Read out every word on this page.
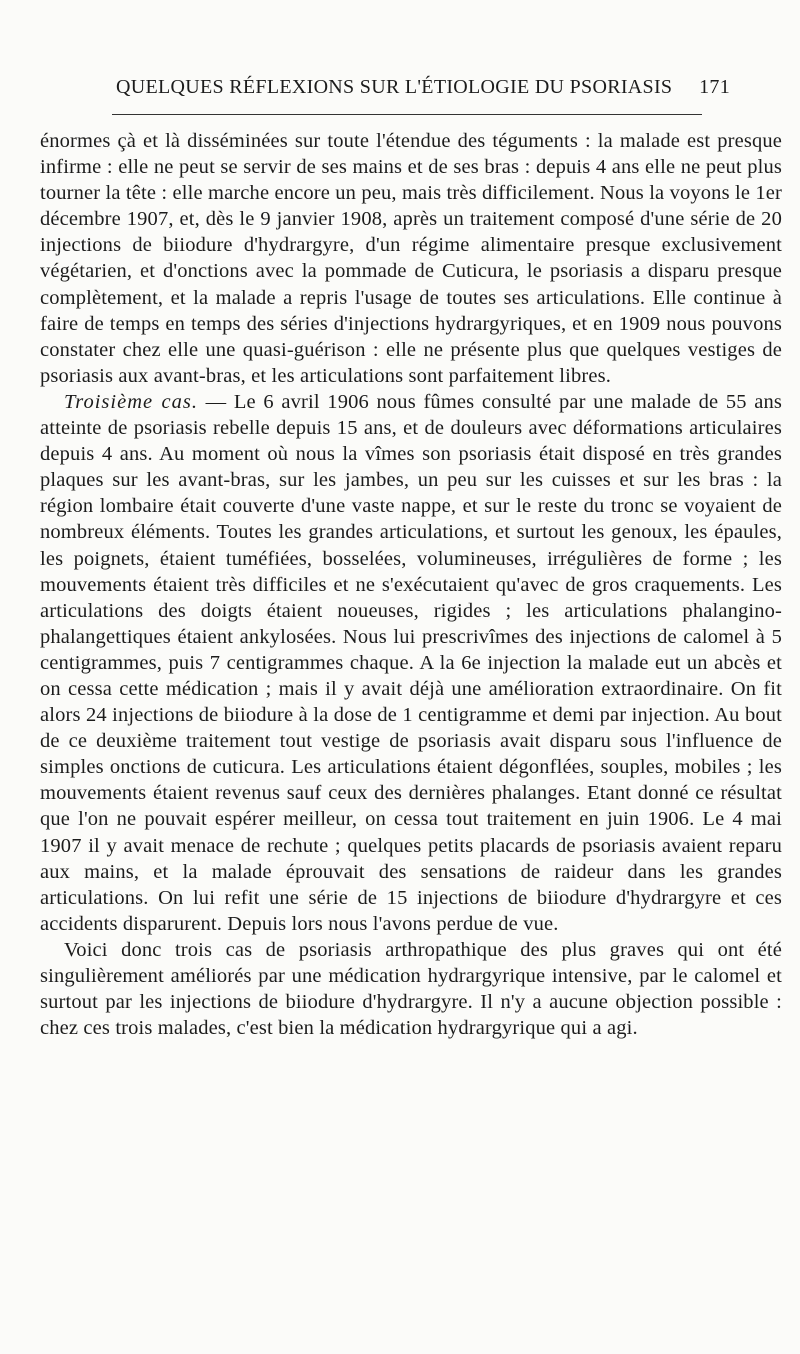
QUELQUES RÉFLEXIONS SUR L'ÉTIOLOGIE DU PSORIASIS 171

énormes çà et là disséminées sur toute l'étendue des téguments : la malade est presque infirme : elle ne peut se servir de ses mains et de ses bras : depuis 4 ans elle ne peut plus tourner la tête : elle marche encore un peu, mais très difficilement. Nous la voyons le 1er décembre 1907, et, dès le 9 janvier 1908, après un traitement composé d'une série de 20 injections de biiodure d'hydrargyre, d'un régime alimentaire presque exclusivement végétarien, et d'onctions avec la pommade de Cuticura, le psoriasis a disparu presque complètement, et la malade a repris l'usage de toutes ses articulations. Elle continue à faire de temps en temps des séries d'injections hydrargyriques, et en 1909 nous pouvons constater chez elle une quasi-guérison : elle ne présente plus que quelques vestiges de psoriasis aux avant-bras, et les articulations sont parfaitement libres.

Troisième cas. — Le 6 avril 1906 nous fûmes consulté par une malade de 55 ans atteinte de psoriasis rebelle depuis 15 ans, et de douleurs avec déformations articulaires depuis 4 ans. Au moment où nous la vîmes son psoriasis était disposé en très grandes plaques sur les avant-bras, sur les jambes, un peu sur les cuisses et sur les bras : la région lombaire était couverte d'une vaste nappe, et sur le reste du tronc se voyaient de nombreux éléments. Toutes les grandes articulations, et surtout les genoux, les épaules, les poignets, étaient tuméfiées, bosselées, volumineuses, irrégulières de forme ; les mouvements étaient très difficiles et ne s'exécutaient qu'avec de gros craquements. Les articulations des doigts étaient noueuses, rigides ; les articulations phalangino-phalangettiques étaient ankylosées. Nous lui prescrivîmes des injections de calomel à 5 centigrammes, puis 7 centigrammes chaque. A la 6e injection la malade eut un abcès et on cessa cette médication ; mais il y avait déjà une amélioration extraordinaire. On fit alors 24 injections de biiodure à la dose de 1 centigramme et demi par injection. Au bout de ce deuxième traitement tout vestige de psoriasis avait disparu sous l'influence de simples onctions de cuticura. Les articulations étaient dégonflées, souples, mobiles ; les mouvements étaient revenus sauf ceux des dernières phalanges. Etant donné ce résultat que l'on ne pouvait espérer meilleur, on cessa tout traitement en juin 1906. Le 4 mai 1907 il y avait menace de rechute ; quelques petits placards de psoriasis avaient reparu aux mains, et la malade éprouvait des sensations de raideur dans les grandes articulations. On lui refit une série de 15 injections de biiodure d'hydrargyre et ces accidents disparurent. Depuis lors nous l'avons perdue de vue.

Voici donc trois cas de psoriasis arthropathique des plus graves qui ont été singulièrement améliorés par une médication hydrargyrique intensive, par le calomel et surtout par les injections de biiodure d'hydrargyre. Il n'y a aucune objection possible : chez ces trois malades, c'est bien la médication hydrargyrique qui a agi.
